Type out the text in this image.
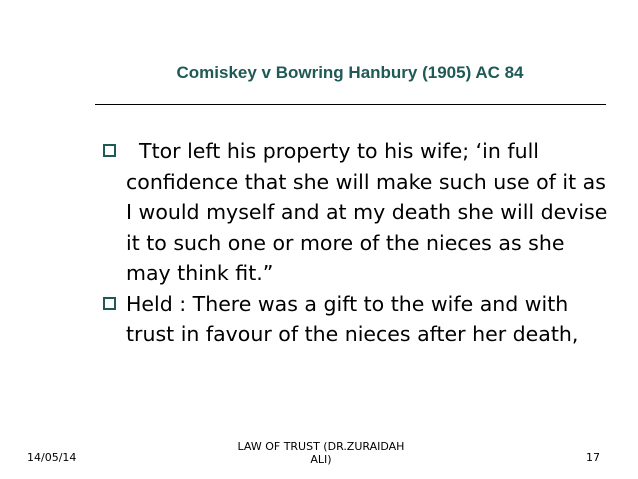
Comiskey v Bowring Hanbury (1905) AC 84
Ttor left his property to his wife; ‘in full confidence that she will make such use of it as I would myself and at my death she will devise it to such one or more of the nieces as she may think fit.”
Held : There was a gift to the wife and with trust in favour of the nieces after her death,
14/05/14
LAW OF TRUST (DR.ZURAIDAH
ALI)	17
